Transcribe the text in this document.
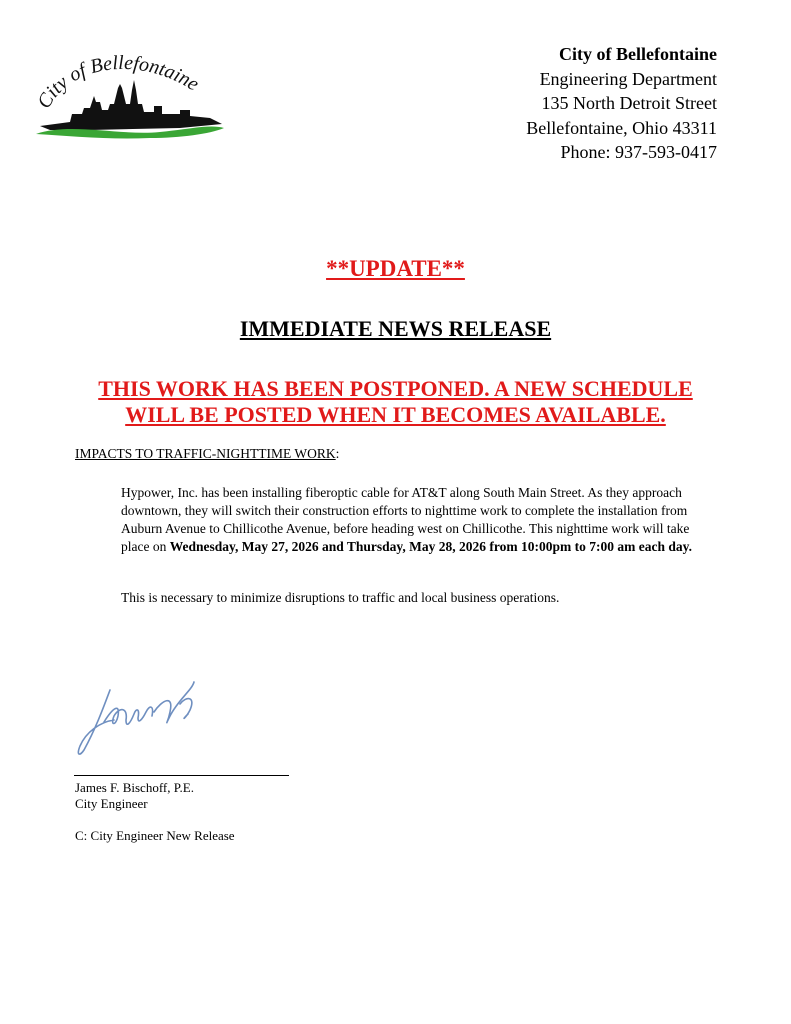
City of Bellefontaine
City of Bellefontaine
Engineering Department
135 North Detroit Street
Bellefontaine, Ohio 43311
Phone: 937-593-0417
**UPDATE**
IMMEDIATE NEWS RELEASE
THIS WORK HAS BEEN POSTPONED. A NEW SCHEDULE
WILL BE POSTED WHEN IT BECOMES AVAILABLE.
IMPACTS TO TRAFFIC-NIGHTTIME WORK:
Hypower, Inc. has been installing fiberoptic cable for AT&T along South Main Street. As they approach downtown, they will switch their construction efforts to nighttime work to complete the installation from Auburn Avenue to Chillicothe Avenue, before heading west on Chillicothe. This nighttime work will take place on Wednesday, May 27, 2026 and Thursday, May 28, 2026 from 10:00pm to 7:00 am each day.
This is necessary to minimize disruptions to traffic and local business operations.
James F. Bischoff, P.E.
City Engineer
C: City Engineer New Release
